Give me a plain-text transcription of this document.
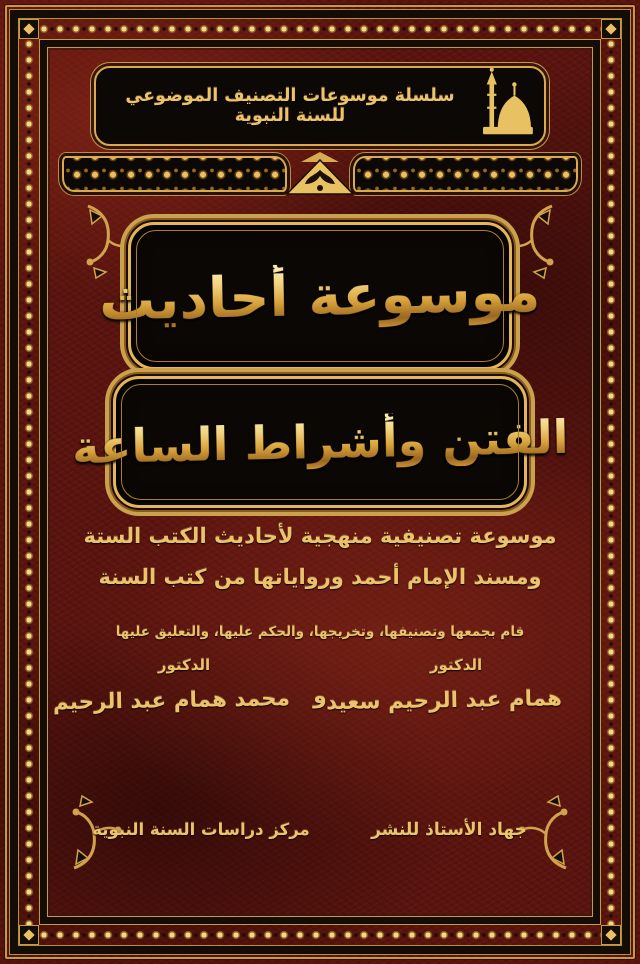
سلسلة موسوعات التصنيف الموضوعي للسنة النبوية
موسوعة أحاديث
الفتن وأشراط الساعة
موسوعة تصنيفية منهجية لأحاديث الكتب الستة
ومسند الإمام أحمد ورواياتها من كتب السنة
قام بجمعها وتصنيفها، وتخريجها، والحكم عليها، والتعليق عليها
الدكتور
همام عبد الرحيم سعيد
و
الدكتور
محمد همام عبد الرحيم
جهاد الأستاذ للنشر
مركز دراسات السنة النبوية
